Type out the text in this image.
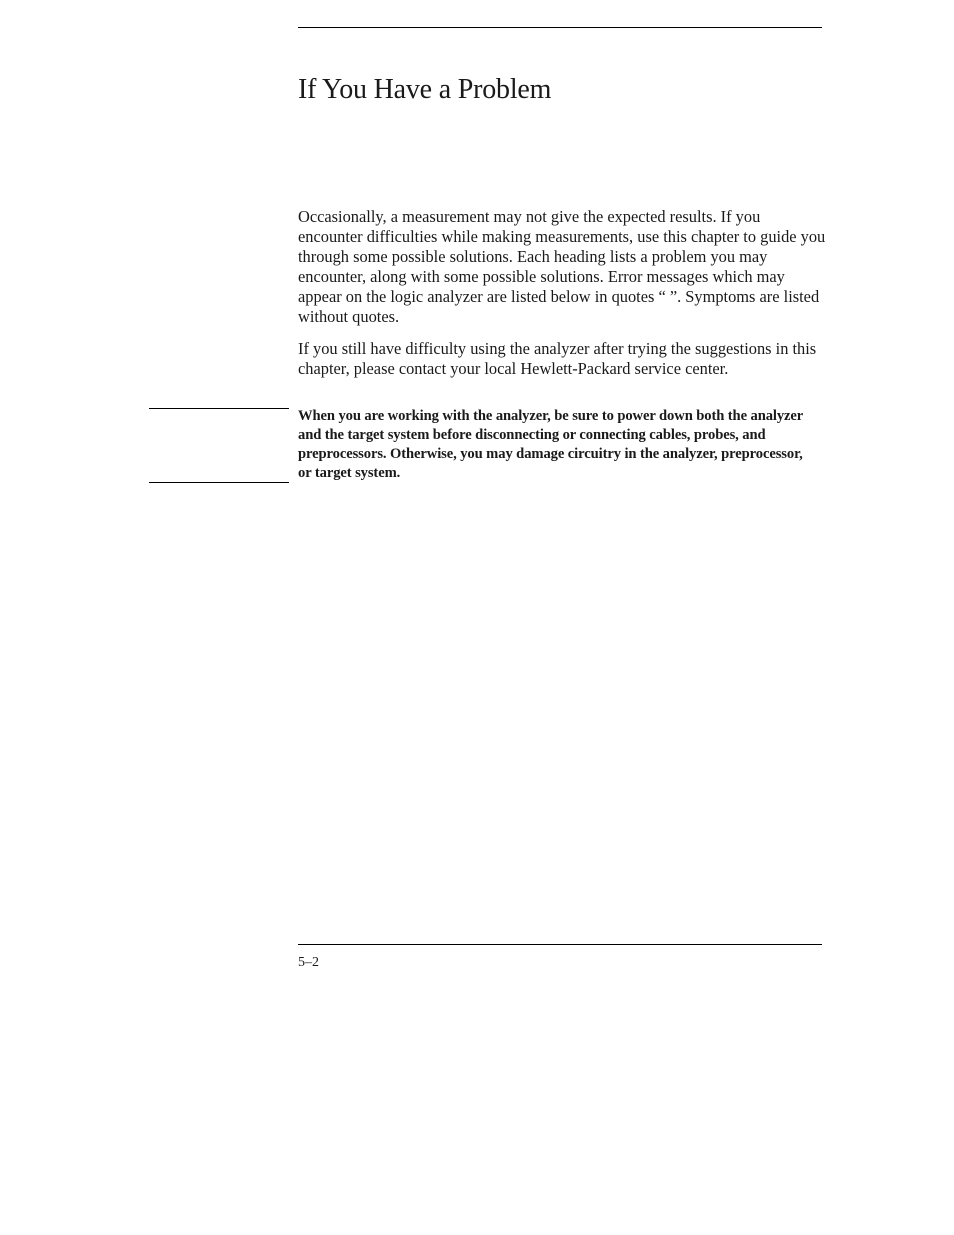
If You Have a Problem

Occasionally, a measurement may not give the expected results. If you encounter difficulties while making measurements, use this chapter to guide you through some possible solutions. Each heading lists a problem you may encounter, along with some possible solutions. Error messages which may appear on the logic analyzer are listed below in quotes “ ”. Symptoms are listed without quotes.

If you still have difficulty using the analyzer after trying the suggestions in this chapter, please contact your local Hewlett-Packard service center.

When you are working with the analyzer, be sure to power down both the analyzer and the target system before disconnecting or connecting cables, probes, and preprocessors. Otherwise, you may damage circuitry in the analyzer, preprocessor, or target system.

5–2
